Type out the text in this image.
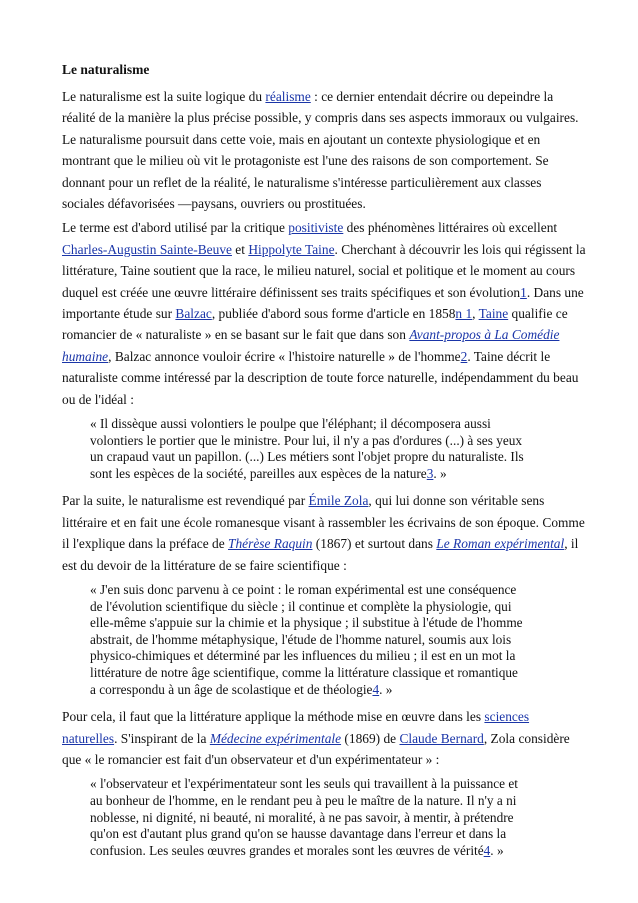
Le naturalisme

Le naturalisme est la suite logique du réalisme : ce dernier entendait décrire ou depeindre la réalité de la manière la plus précise possible, y compris dans ses aspects immoraux ou vulgaires. Le naturalisme poursuit dans cette voie, mais en ajoutant un contexte physiologique et en montrant que le milieu où vit le protagoniste est l'une des raisons de son comportement. Se donnant pour un reflet de la réalité, le naturalisme s'intéresse particulièrement aux classes sociales défavorisées —paysans, ouvriers ou prostituées.

Le terme est d'abord utilisé par la critique positiviste des phénomènes littéraires où excellent Charles-Augustin Sainte-Beuve et Hippolyte Taine. Cherchant à découvrir les lois qui régissent la littérature, Taine soutient que la race, le milieu naturel, social et politique et le moment au cours duquel est créée une œuvre littéraire définissent ses traits spécifiques et son évolution1. Dans une importante étude sur Balzac, publiée d'abord sous forme d'article en 1858n 1, Taine qualifie ce romancier de « naturaliste » en se basant sur le fait que dans son Avant-propos à La Comédie humaine, Balzac annonce vouloir écrire « l'histoire naturelle » de l'homme2. Taine décrit le naturaliste comme intéressé par la description de toute force naturelle, indépendamment du beau ou de l'idéal :

« Il dissèque aussi volontiers le poulpe que l'éléphant; il décomposera aussi
volontiers le portier que le ministre. Pour lui, il n'y a pas d'ordures (...) à ses yeux
un crapaud vaut un papillon. (...) Les métiers sont l'objet propre du naturaliste. Ils
sont les espèces de la société, pareilles aux espèces de la nature3. »

Par la suite, le naturalisme est revendiqué par Émile Zola, qui lui donne son véritable sens littéraire et en fait une école romanesque visant à rassembler les écrivains de son époque. Comme il l'explique dans la préface de Thérèse Raquin (1867) et surtout dans Le Roman expérimental, il est du devoir de la littérature de se faire scientifique :

« J'en suis donc parvenu à ce point : le roman expérimental est une conséquence
de l'évolution scientifique du siècle ; il continue et complète la physiologie, qui
elle-même s'appuie sur la chimie et la physique ; il substitue à l'étude de l'homme
abstrait, de l'homme métaphysique, l'étude de l'homme naturel, soumis aux lois
physico-chimiques et déterminé par les influences du milieu ; il est en un mot la
littérature de notre âge scientifique, comme la littérature classique et romantique
a correspondu à un âge de scolastique et de théologie4. »

Pour cela, il faut que la littérature applique la méthode mise en œuvre dans les sciences naturelles. S'inspirant de la Médecine expérimentale (1869) de Claude Bernard, Zola considère que « le romancier est fait d'un observateur et d'un expérimentateur » :

« l'observateur et l'expérimentateur sont les seuls qui travaillent à la puissance et
au bonheur de l'homme, en le rendant peu à peu le maître de la nature. Il n'y a ni
noblesse, ni dignité, ni beauté, ni moralité, à ne pas savoir, à mentir, à prétendre
qu'on est d'autant plus grand qu'on se hausse davantage dans l'erreur et dans la
confusion. Les seules œuvres grandes et morales sont les œuvres de vérité4. »
